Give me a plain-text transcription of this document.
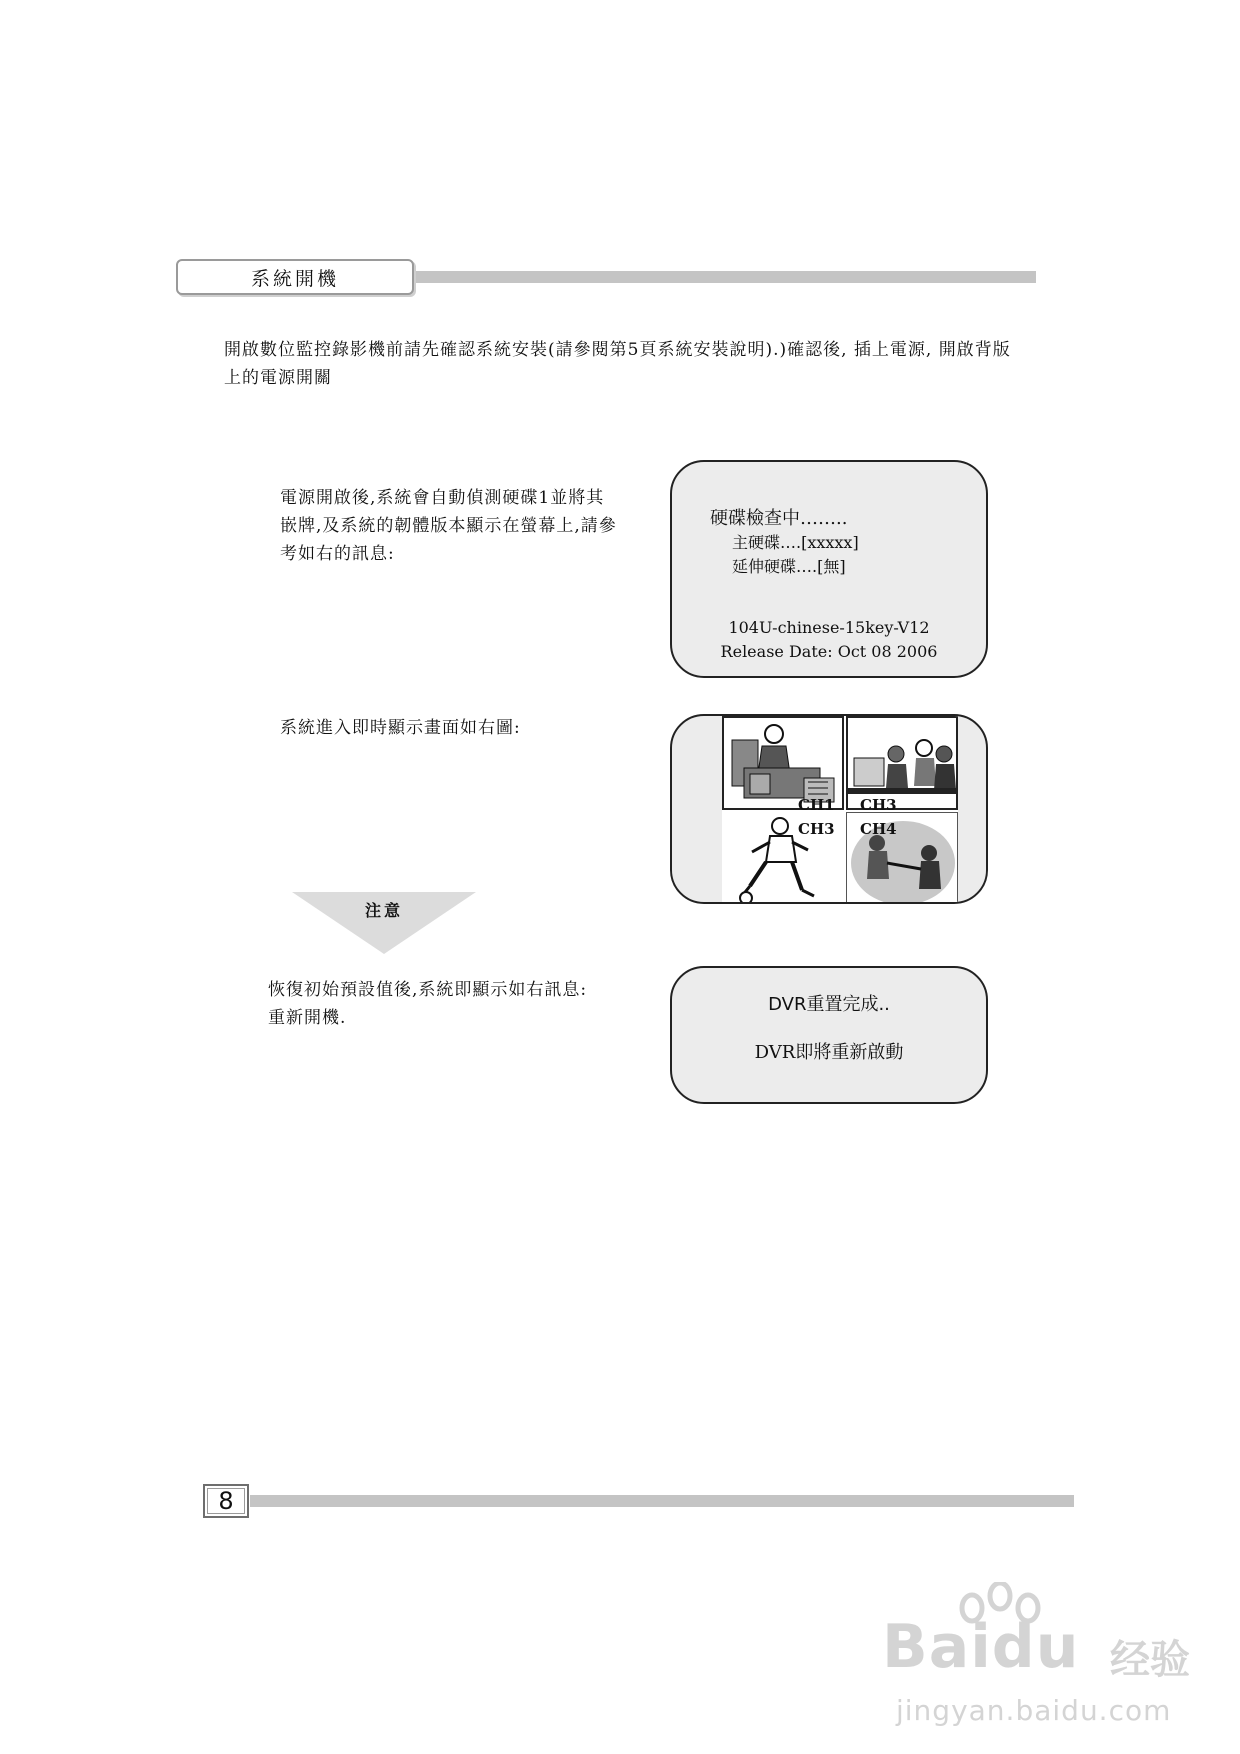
系統開機
開啟數位監控錄影機前請先確認系統安裝(請參閱第5頁系統安裝說明).)確認後, 插上電源, 開啟背版上的電源開關
電源開啟後,系統會自動偵測硬碟1並將其嵌牌,及系統的韌體版本顯示在螢幕上,請參考如右的訊息:
硬碟檢查中……..
主硬碟….[xxxxx]
延伸硬碟….[無]
104U-chinese-15key-V12
Release Date: Oct 08 2006
系統進入即時顯示畫面如右圖:
CH1 CH3
CH3 CH4
注意
恢復初始預設值後,系統即顯示如右訊息:重新開機.
DVR重置完成..
DVR即將重新啟動
8
Baidu 经验
jingyan.baidu.com
